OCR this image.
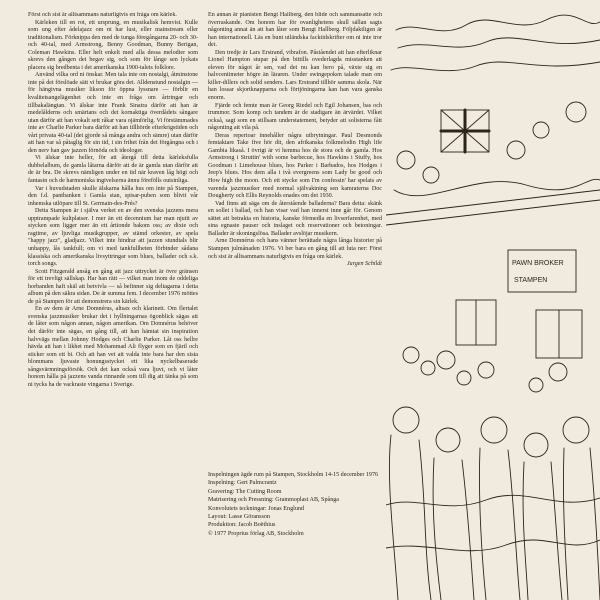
Först och sist är alltsammans naturligtvis en fråga om kärlek.

Kärleken till en rot, ett ursprung, en musikalisk hemvist. Kulle som ung efter ådelajazz om ni har lust, eller mainstream eller traditionalism. Förknippa den med de tunga föregångarna 20- och 30- och 40-tal, med Armstrong, Benny Goodman, Bunny Berigan, Coleman Hawkins. Eller helt enkelt med alla dessa melodier som skrevs den gången det begav sig, och som för långe sen lyckats placera sig bredbenta i det amerikanska 1900-talets folklore.

Använd vilka ord ni önskar. Men tala inte om nostalgi, åtminstone inte på det förslöade sätt vi brukar göra det. Alldenstund nostalgin — för hängivna musiker likson för öppna lyssnare — förblir en kvalitetsangelägenhet och inte en fråga om årtringar och tillbakalängtan. Vi älskar inte Frank Sinatra därför att han är medelålderns och smärtans och det kornaktiga överdådets sångare utan därför att han vokalt sett råkar vara ojämförlig. Vi förstämmades inte av Charlie Parker bara därför att han tillhörde efterkrigstiden och vårt privata 40-tal (det gjorde så många andra och sämre) utan därför att han var så påtaglig för sin tid, i sin frihet från det förgångna och i den nerv han gav jazzen förnöda och ideologer.

Vi älskar inte heller, för att återgå till detta kärleksfulla dubbelalbum, de gamla låtarna därför att de är gamla utan därför att de är bra. De skrevs nämligen under en tid när kraven låg högt och fantasin och de harmoniska ingivelserna ännu förefölls outsinliga.

Var i huvudstaden skulle älskarna hålla hus om inte på Stampen, den f.d. pantbanken i Gamla stan, spisar-puben som blivit vår inhemska utlöpare till St. Germain-des-Prés?

Detta Stampen är i själva verket en av den svenska jazzens mera upptrampade kultplatser. I mer än ett decennium har man njutit av stycken som ligger mer än ett årtionde bakom oss; av dixie och ragtime, av ljuvliga musikgrupper, av stämd orkester, av spela "happy jazz", gladjazz. Vilket inte hindrar att jazzen stundtals blir unhappy, lås tankfull; om vi med tankfullheten förbinder sådana klassiska och amerikanska livsyttringar som blues, ballader och s.k. torch songs.

Scott Fitzgerald ansåg en gång att jazz uttrycket är övre gränsen för ett trevligt sällskap. Har han rätt — vilket man inom de oddeliga horbanden haft skäl att betvivla — så befinner sig deltagarna i detta album på den säkra sidan. De är summa fem. I december 1976 möttes de på Stampen för att demonstrera sin kärlek.

En av dem är Arne Domnérus, altsax och klarinett. Om flertalet svenska jazzmusiker brukar det i hyllningarnas ögonblick sägas att de låter som någon annan, någon amerikan. Om Domnérus behöver det därför inte sägas, en gång till, att han hämtat sin inspiration halvvägs mellan Johnny Hodges och Charlie Parker. Låt oss hellre hävda att han i likhet med Mohammad Ali flyger som en fjäril och sticker som ett bi. Och att han vet att valda inte bara har den sista blommans ljuvaste honungsstycket ett lika nyckelbaserade sångsvärmningsförsök. Och det kan också vara ljuvt, och vi låter honom hålla på jazzens vanda rinnande som till dig att tänka på som ni tycks ha de vackraste vingarna i Sverige.

En annan är pianisten Bengt Hallberg, den blide och sammansatte och överraskande. Om honom har för ovanlighetens skull sällan sagts någonting annat än att han låter som Bengt Hallberg. Följdaktligen är han internationell. Läs en bunt utländska facktidskrifter om ni inte tror det.

Den tredje är Lars Erstrand, vibrafon. Påståendet att han efterliknar Lionel Hampton stupar på den bittills ovederlagda misstanken att eleven för något år sen, vad det nu kan bero på, växte sig en halvcentimeter högre än läraren. Under swingepoken talade man om killer-dillers och solid senders. Lars Erstrand tillhör samma skola. När han lossar skjortknapparna och förtjöningarna kan han vara ganska enorm.

Fjärde och femte man är Georg Riedel och Egil Johansen, bas och trummor. Som komp och tandem är de stadigare än ärvärdet. Vilket också, sagt som en stillsam understatement, betyder att solisterna fått någonting att vila på.

Deras repertoar innehåller några utbrytningar. Paul Desmonds femtaktare Take five hör dit, den afrikanska folkmelodin High life Gambia likaså. I övrigt är vi hemma hos de stora och de gamla. Hos Armstrong i Struttin' with some barbecue, hos Hawkins i Stuffy, hos Goodman i Limehouse blues, hos Parker i Barbados, hos Hodges i Jeep's blues. Hos dem alla i två evergreens som Lady be good och How high the moon. Och ett stycke som I'm confessin' har spelats av varenda jazzmusiker med normal självaktning sen kamraterna Doc Dougherty och Ellis Reynolds enades om det 1930.

Vad finns att säga om de återstående balladerna? Bara detta: skänk en sollet i ballad, och han visar vad han innerst inne går för. Genom sättet att betrakta en historia, kanske förmedla en livserfarenhet, med sina egnaste pauser och inslaget och reservationer och betoningar. Ballader är skoningslösa. Ballader avslöjar musikern.

Arne Domnérus och hans vänner berättade några långa historier på Stampen julmånaden 1976. Vi ber bara en gång till att luta ner: Först och sist är alltsammans naturligtvis en fråga om kärlek.

Jurgen Schildt

Inspelningen ägde rum på Stampen, Stockholm 14-15 december 1976

Inspelning: Gert Palmcrantz

Gravering: The Cutting Room

Matrisering och Pressning: Grammoplast AB, Spånga

Konvolutets teckningar: Jonas Englund

Layout: Lasse Göransson

Produktion: Jacob Boëthius

© 1977 Proprius förlag AB, Stockholm

PAWN BROKER
STAMPEN
